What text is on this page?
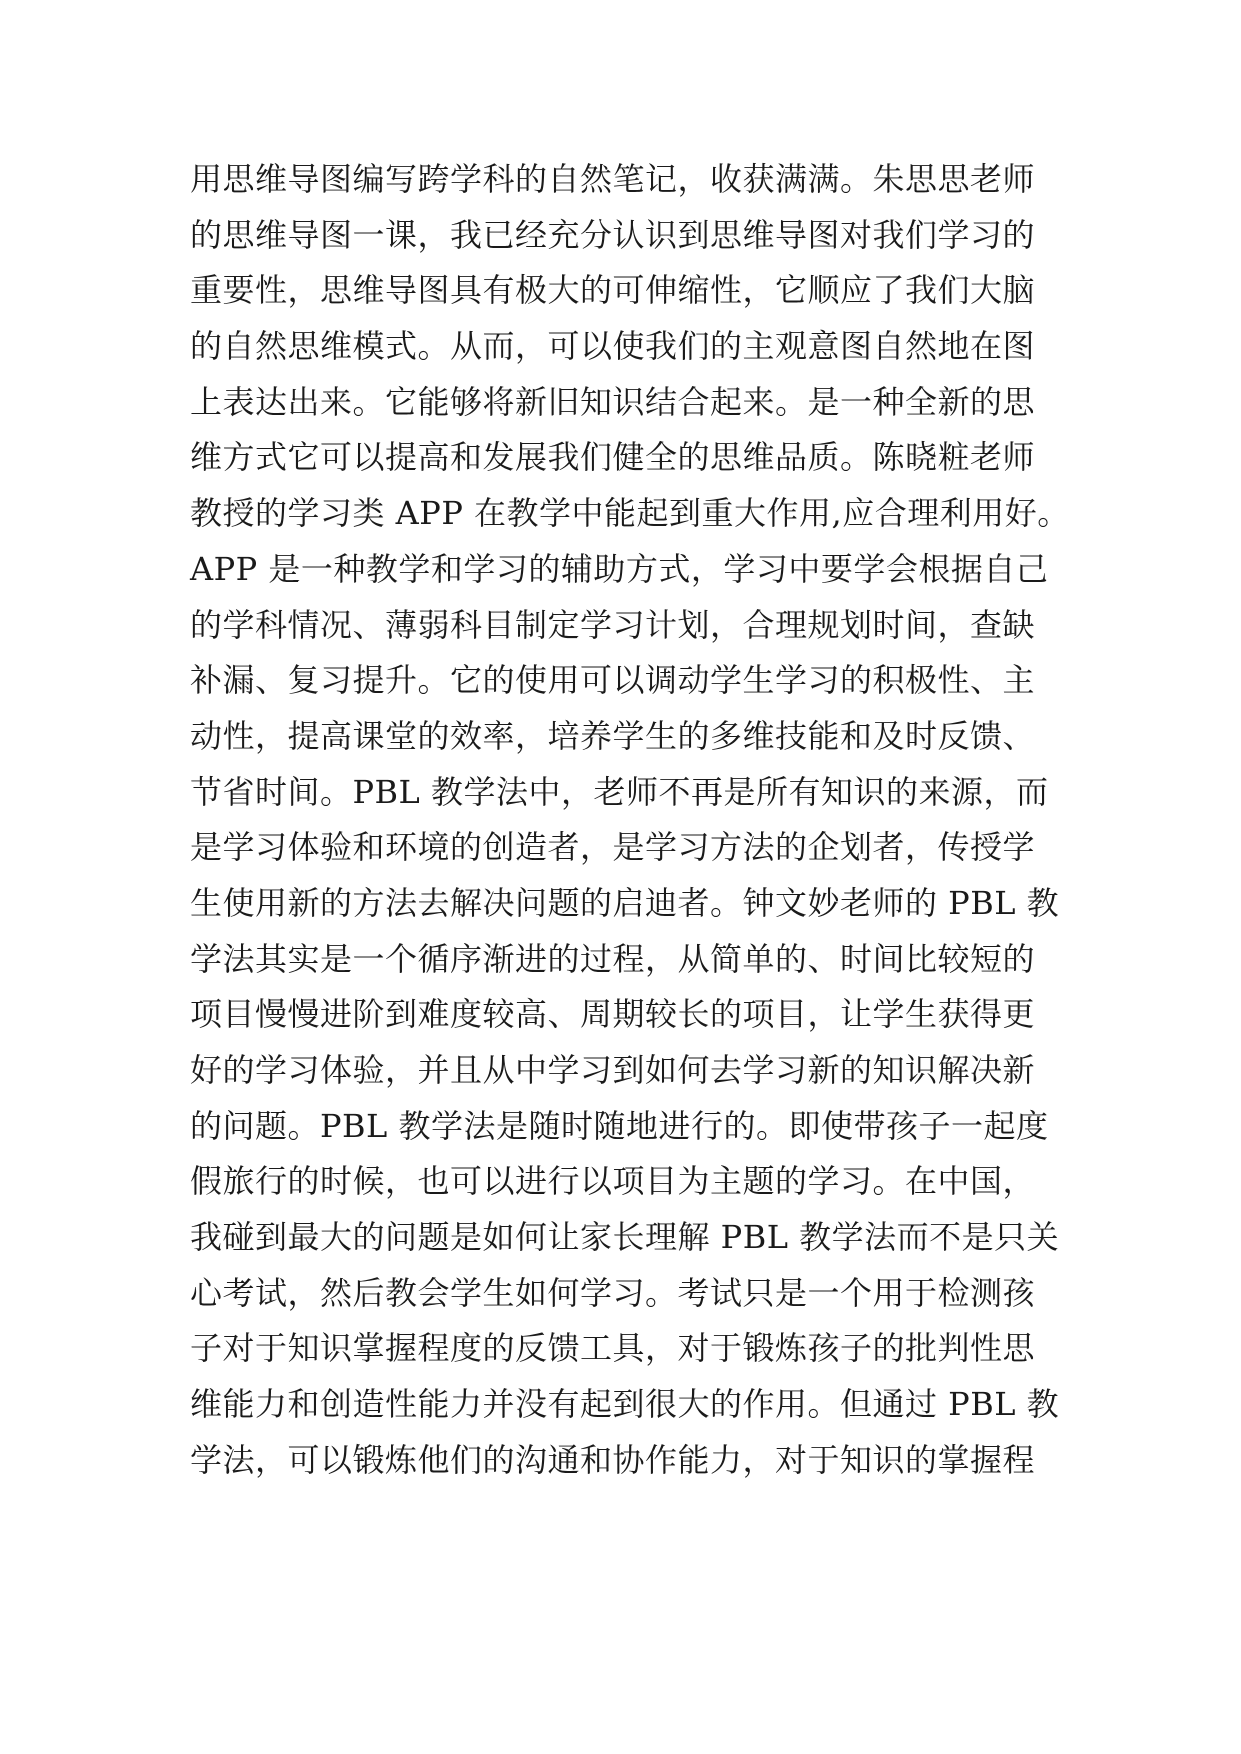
用思维导图编写跨学科的自然笔记，收获满满。朱思思老师
的思维导图一课，我已经充分认识到思维导图对我们学习的
重要性，思维导图具有极大的可伸缩性，它顺应了我们大脑
的自然思维模式。从而，可以使我们的主观意图自然地在图
上表达出来。它能够将新旧知识结合起来。是一种全新的思
维方式它可以提高和发展我们健全的思维品质。陈晓粧老师
教授的学习类 APP 在教学中能起到重大作用,应合理利用好。
APP 是一种教学和学习的辅助方式，学习中要学会根据自己
的学科情况、薄弱科目制定学习计划，合理规划时间，查缺
补漏、复习提升。它的使用可以调动学生学习的积极性、主
动性，提高课堂的效率，培养学生的多维技能和及时反馈、
节省时间。PBL 教学法中，老师不再是所有知识的来源，而
是学习体验和环境的创造者，是学习方法的企划者，传授学
生使用新的方法去解决问题的启迪者。钟文妙老师的 PBL 教
学法其实是一个循序渐进的过程，从简单的、时间比较短的
项目慢慢进阶到难度较高、周期较长的项目，让学生获得更
好的学习体验，并且从中学习到如何去学习新的知识解决新
的问题。PBL 教学法是随时随地进行的。即使带孩子一起度
假旅行的时候，也可以进行以项目为主题的学习。在中国，
我碰到最大的问题是如何让家长理解 PBL 教学法而不是只关
心考试，然后教会学生如何学习。考试只是一个用于检测孩
子对于知识掌握程度的反馈工具，对于锻炼孩子的批判性思
维能力和创造性能力并没有起到很大的作用。但通过 PBL 教
学法，可以锻炼他们的沟通和协作能力，对于知识的掌握程
